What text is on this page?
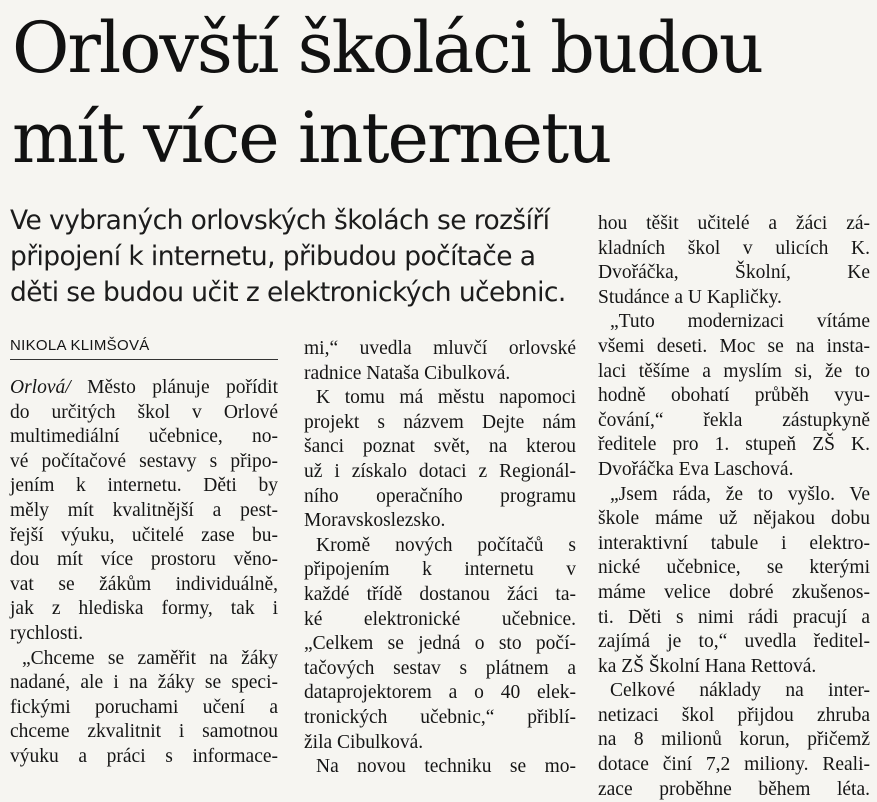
Orlovští školáci budou
mít více internetu
Ve vybraných orlovských školách se rozšíří
připojení k internetu, přibudou počítače a
děti se budou učit z elektronických učebnic.
NIKOLA KLIMŠOVÁ
Orlová/ Město plánuje pořídit
do určitých škol v Orlové
multimediální učebnice, no-
vé počítačové sestavy s připo-
jením k internetu. Děti by
měly mít kvalitnější a pest-
řejší výuku, učitelé zase bu-
dou mít více prostoru věno-
vat se žákům individuálně,
jak z hlediska formy, tak i
rychlosti.
„Chceme se zaměřit na žáky
nadané, ale i na žáky se speci-
fickými poruchami učení a
chceme zkvalitnit i samotnou
výuku a práci s informace-
mi,“ uvedla mluvčí orlovské
radnice Nataša Cibulková.
K tomu má městu napomoci
projekt s názvem Dejte nám
šanci poznat svět, na kterou
už i získalo dotaci z Regionál-
ního operačního programu
Moravskoslezsko.
Kromě nových počítačů s
připojením k internetu v
každé třídě dostanou žáci ta-
ké elektronické učebnice.
„Celkem se jedná o sto počí-
tačových sestav s plátnem a
dataprojektorem a o 40 elek-
tronických učebnic,“ přiblí-
žila Cibulková.
Na novou techniku se mo-
hou těšit učitelé a žáci zá-
kladních škol v ulicích K.
Dvořáčka, Školní, Ke
Studánce a U Kapličky.
„Tuto modernizaci vítáme
všemi deseti. Moc se na insta-
laci těšíme a myslím si, že to
hodně obohatí průběh vyu-
čování,“ řekla zástupkyně
ředitele pro 1. stupeň ZŠ K.
Dvořáčka Eva Laschová.
„Jsem ráda, že to vyšlo. Ve
škole máme už nějakou dobu
interaktivní tabule i elektro-
nické učebnice, se kterými
máme velice dobré zkušenos-
ti. Děti s nimi rádi pracují a
zajímá je to,“ uvedla ředitel-
ka ZŠ Školní Hana Rettová.
Celkové náklady na inter-
netizaci škol přijdou zhruba
na 8 milionů korun, přičemž
dotace činí 7,2 miliony. Reali-
zace proběhne během léta.
